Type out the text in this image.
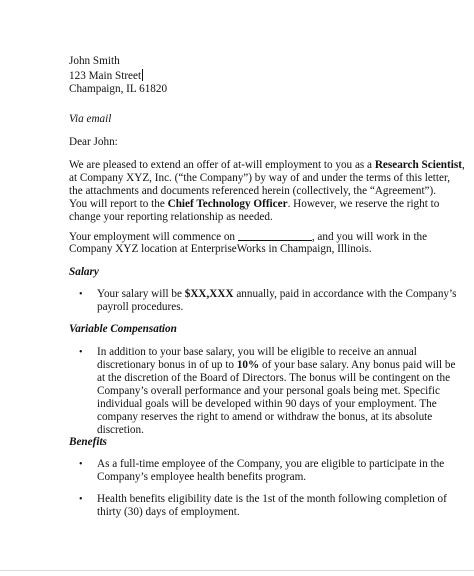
John Smith
123 Main Street
Champaign, IL 61820
Via email
Dear John:
We are pleased to extend an offer of at-will employment to you as a Research Scientist,
at Company XYZ, Inc. (“the Company”) by way of and under the terms of this letter,
the attachments and documents referenced herein (collectively, the “Agreement”).
You will report to the Chief Technology Officer. However, we reserve the right to
change your reporting relationship as needed.
Your employment will commence on	, and you will work in the
Company XYZ location at EnterpriseWorks in Champaign, Illinois.
Salary
• Your salary will be $XX,XXX annually, paid in accordance with the Company’s
payroll procedures.
Variable Compensation
• In addition to your base salary, you will be eligible to receive an annual
discretionary bonus in of up to 10% of your base salary. Any bonus paid will be
at the discretion of the Board of Directors. The bonus will be contingent on the
Company’s overall performance and your personal goals being met. Specific
individual goals will be developed within 90 days of your employment. The
company reserves the right to amend or withdraw the bonus, at its absolute
discretion.
Benefits
• As a full-time employee of the Company, you are eligible to participate in the
Company’s employee health benefits program.
• Health benefits eligibility date is the 1st of the month following completion of
thirty (30) days of employment.
